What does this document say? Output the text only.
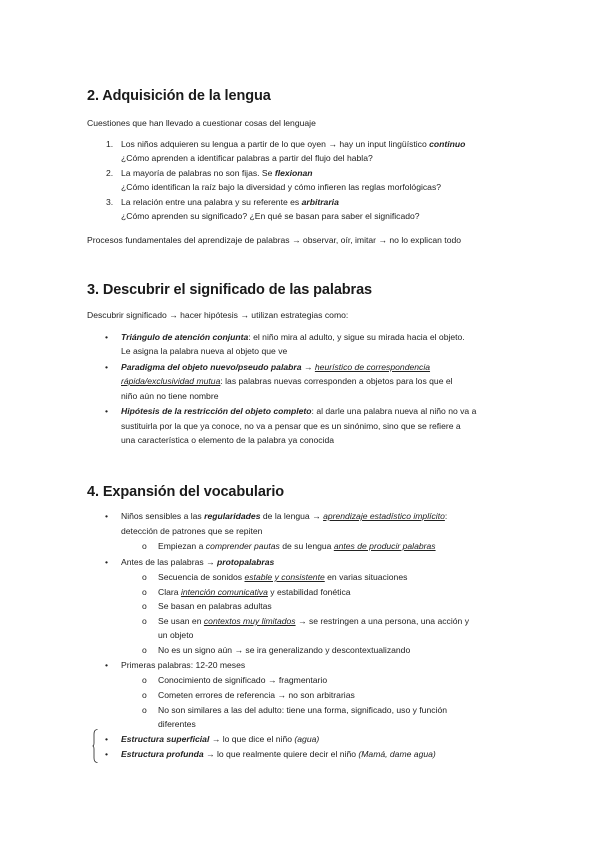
2. Adquisición de la lengua
Cuestiones que han llevado a cuestionar cosas del lenguaje
1. Los niños adquieren su lengua a partir de lo que oyen → hay un input lingüístico continuo
¿Cómo aprenden a identificar palabras a partir del flujo del habla?
2. La mayoría de palabras no son fijas. Se flexionan
¿Cómo identifican la raíz bajo la diversidad y cómo infieren las reglas morfológicas?
3. La relación entre una palabra y su referente es arbitraria
¿Cómo aprenden su significado? ¿En qué se basan para saber el significado?
Procesos fundamentales del aprendizaje de palabras → observar, oír, imitar → no lo explican todo
3. Descubrir el significado de las palabras
Descubrir significado → hacer hipótesis → utilizan estrategias como:
• Triángulo de atención conjunta: el niño mira al adulto, y sigue su mirada hacia el objeto.
Le asigna la palabra nueva al objeto que ve
• Paradigma del objeto nuevo/pseudo palabra → heurístico de correspondencia
rápida/exclusividad mutua: las palabras nuevas corresponden a objetos para los que el
niño aún no tiene nombre
• Hipótesis de la restricción del objeto completo: al darle una palabra nueva al niño no va a
sustituirla por la que ya conoce, no va a pensar que es un sinónimo, sino que se refiere a
una característica o elemento de la palabra ya conocida
4. Expansión del vocabulario
• Niños sensibles a las regularidades de la lengua → aprendizaje estadístico implícito:
detección de patrones que se repiten
o Empiezan a comprender pautas de su lengua antes de producir palabras
• Antes de las palabras → protopalabras
o Secuencia de sonidos estable y consistente en varias situaciones
o Clara intención comunicativa y estabilidad fonética
o Se basan en palabras adultas
o Se usan en contextos muy limitados → se restringen a una persona, una acción y
un objeto
o No es un signo aún → se ira generalizando y descontextualizando
• Primeras palabras: 12-20 meses
o Conocimiento de significado → fragmentario
o Cometen errores de referencia → no son arbitrarias
o No son similares a las del adulto: tiene una forma, significado, uso y función
diferentes
• Estructura superficial → lo que dice el niño (agua)
• Estructura profunda → lo que realmente quiere decir el niño (Mamá, dame agua)
